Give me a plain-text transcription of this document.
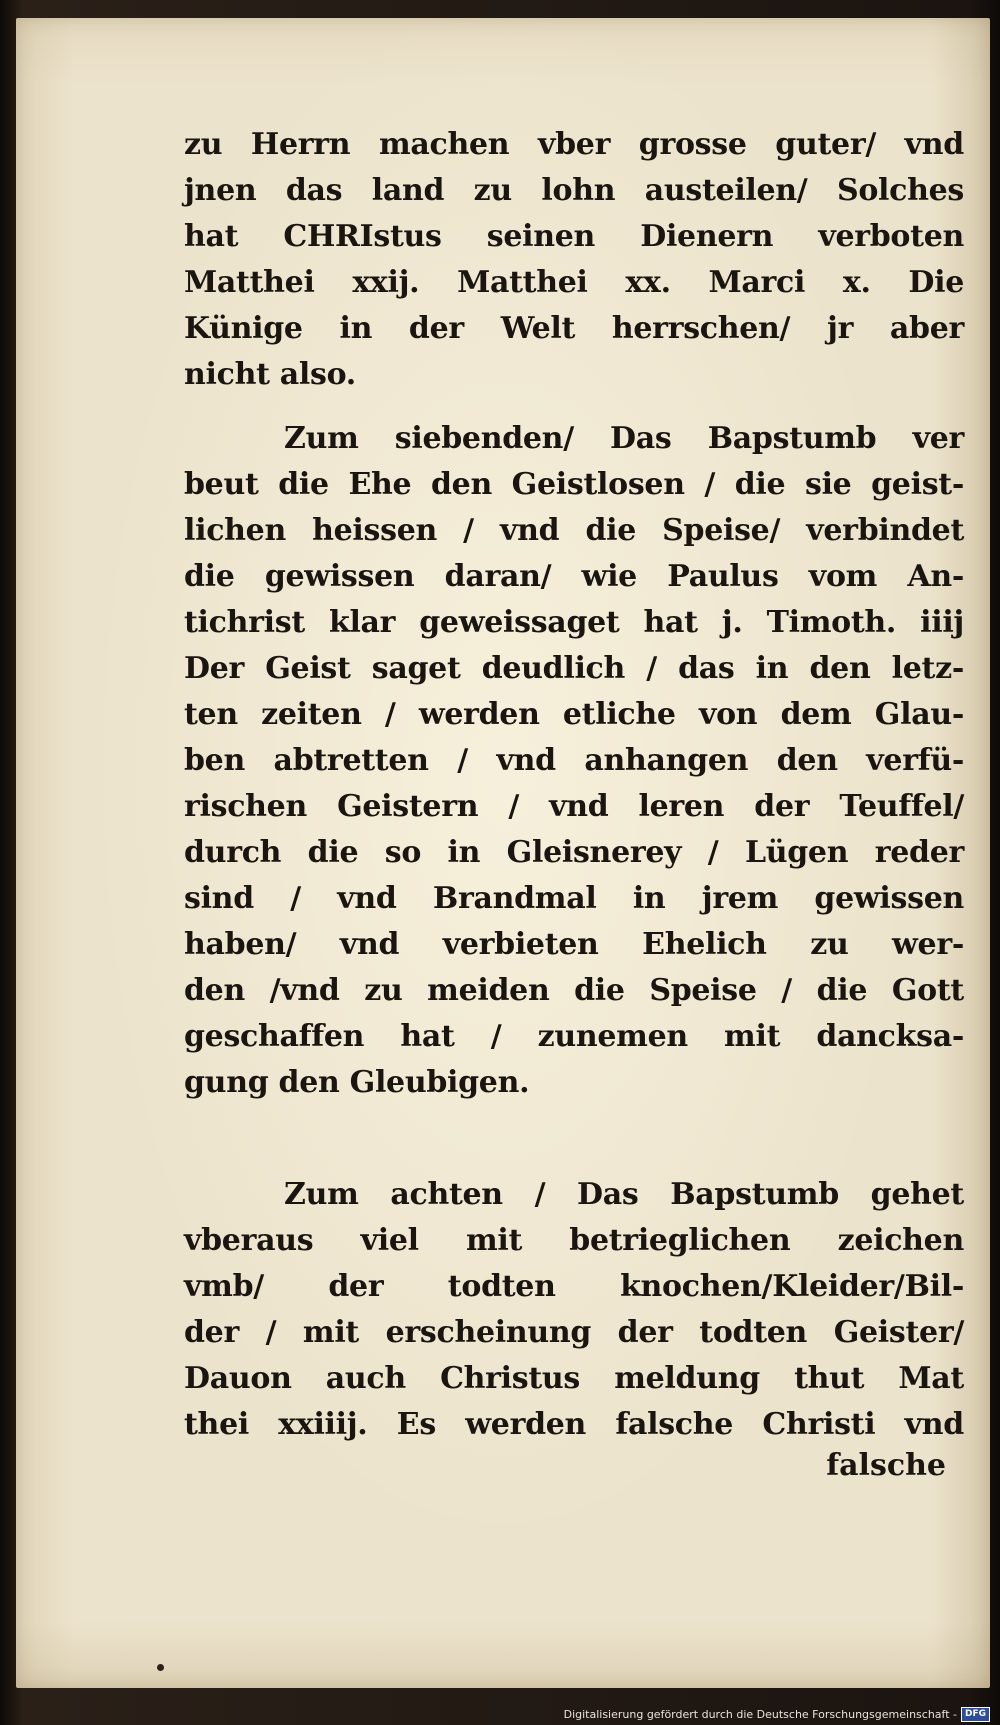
zu Herrn machen vber grosse guter/ vnd
jnen das land zu lohn austeilen/ Solches
hat CHRIstus seinen Dienern verboten
Matthei xxij. Matthei xx. Marci x. Die
Künige in der Welt herrschen/ jr aber
nicht also.
Zum siebenden/ Das Bapstumb ver
beut die Ehe den Geistlosen / die sie geist-
lichen heissen / vnd die Speise/ verbindet
die gewissen daran/ wie Paulus vom An-
tichrist klar geweissaget hat j. Timoth. iiij
Der Geist saget deudlich / das in den letz-
ten zeiten / werden etliche von dem Glau-
ben abtretten / vnd anhangen den verfü-
rischen Geistern / vnd leren der Teuffel/
durch die so in Gleisnerey / Lügen reder
sind / vnd Brandmal in jrem gewissen
haben/ vnd verbieten Ehelich zu wer-
den /vnd zu meiden die Speise / die Gott
geschaffen hat / zunemen mit dancksa-
gung den Gleubigen.
Zum achten / Das Bapstumb gehet
vberaus viel mit betrieglichen zeichen
vmb/ der todten knochen/Kleider/Bil-
der / mit erscheinung der todten Geister/
Dauon auch Christus meldung thut Mat
thei xxiiij. Es werden falsche Christi vnd
falsche
Digitalisierung gefördert durch die Deutsche Forschungsgemeinschaft - DFG
